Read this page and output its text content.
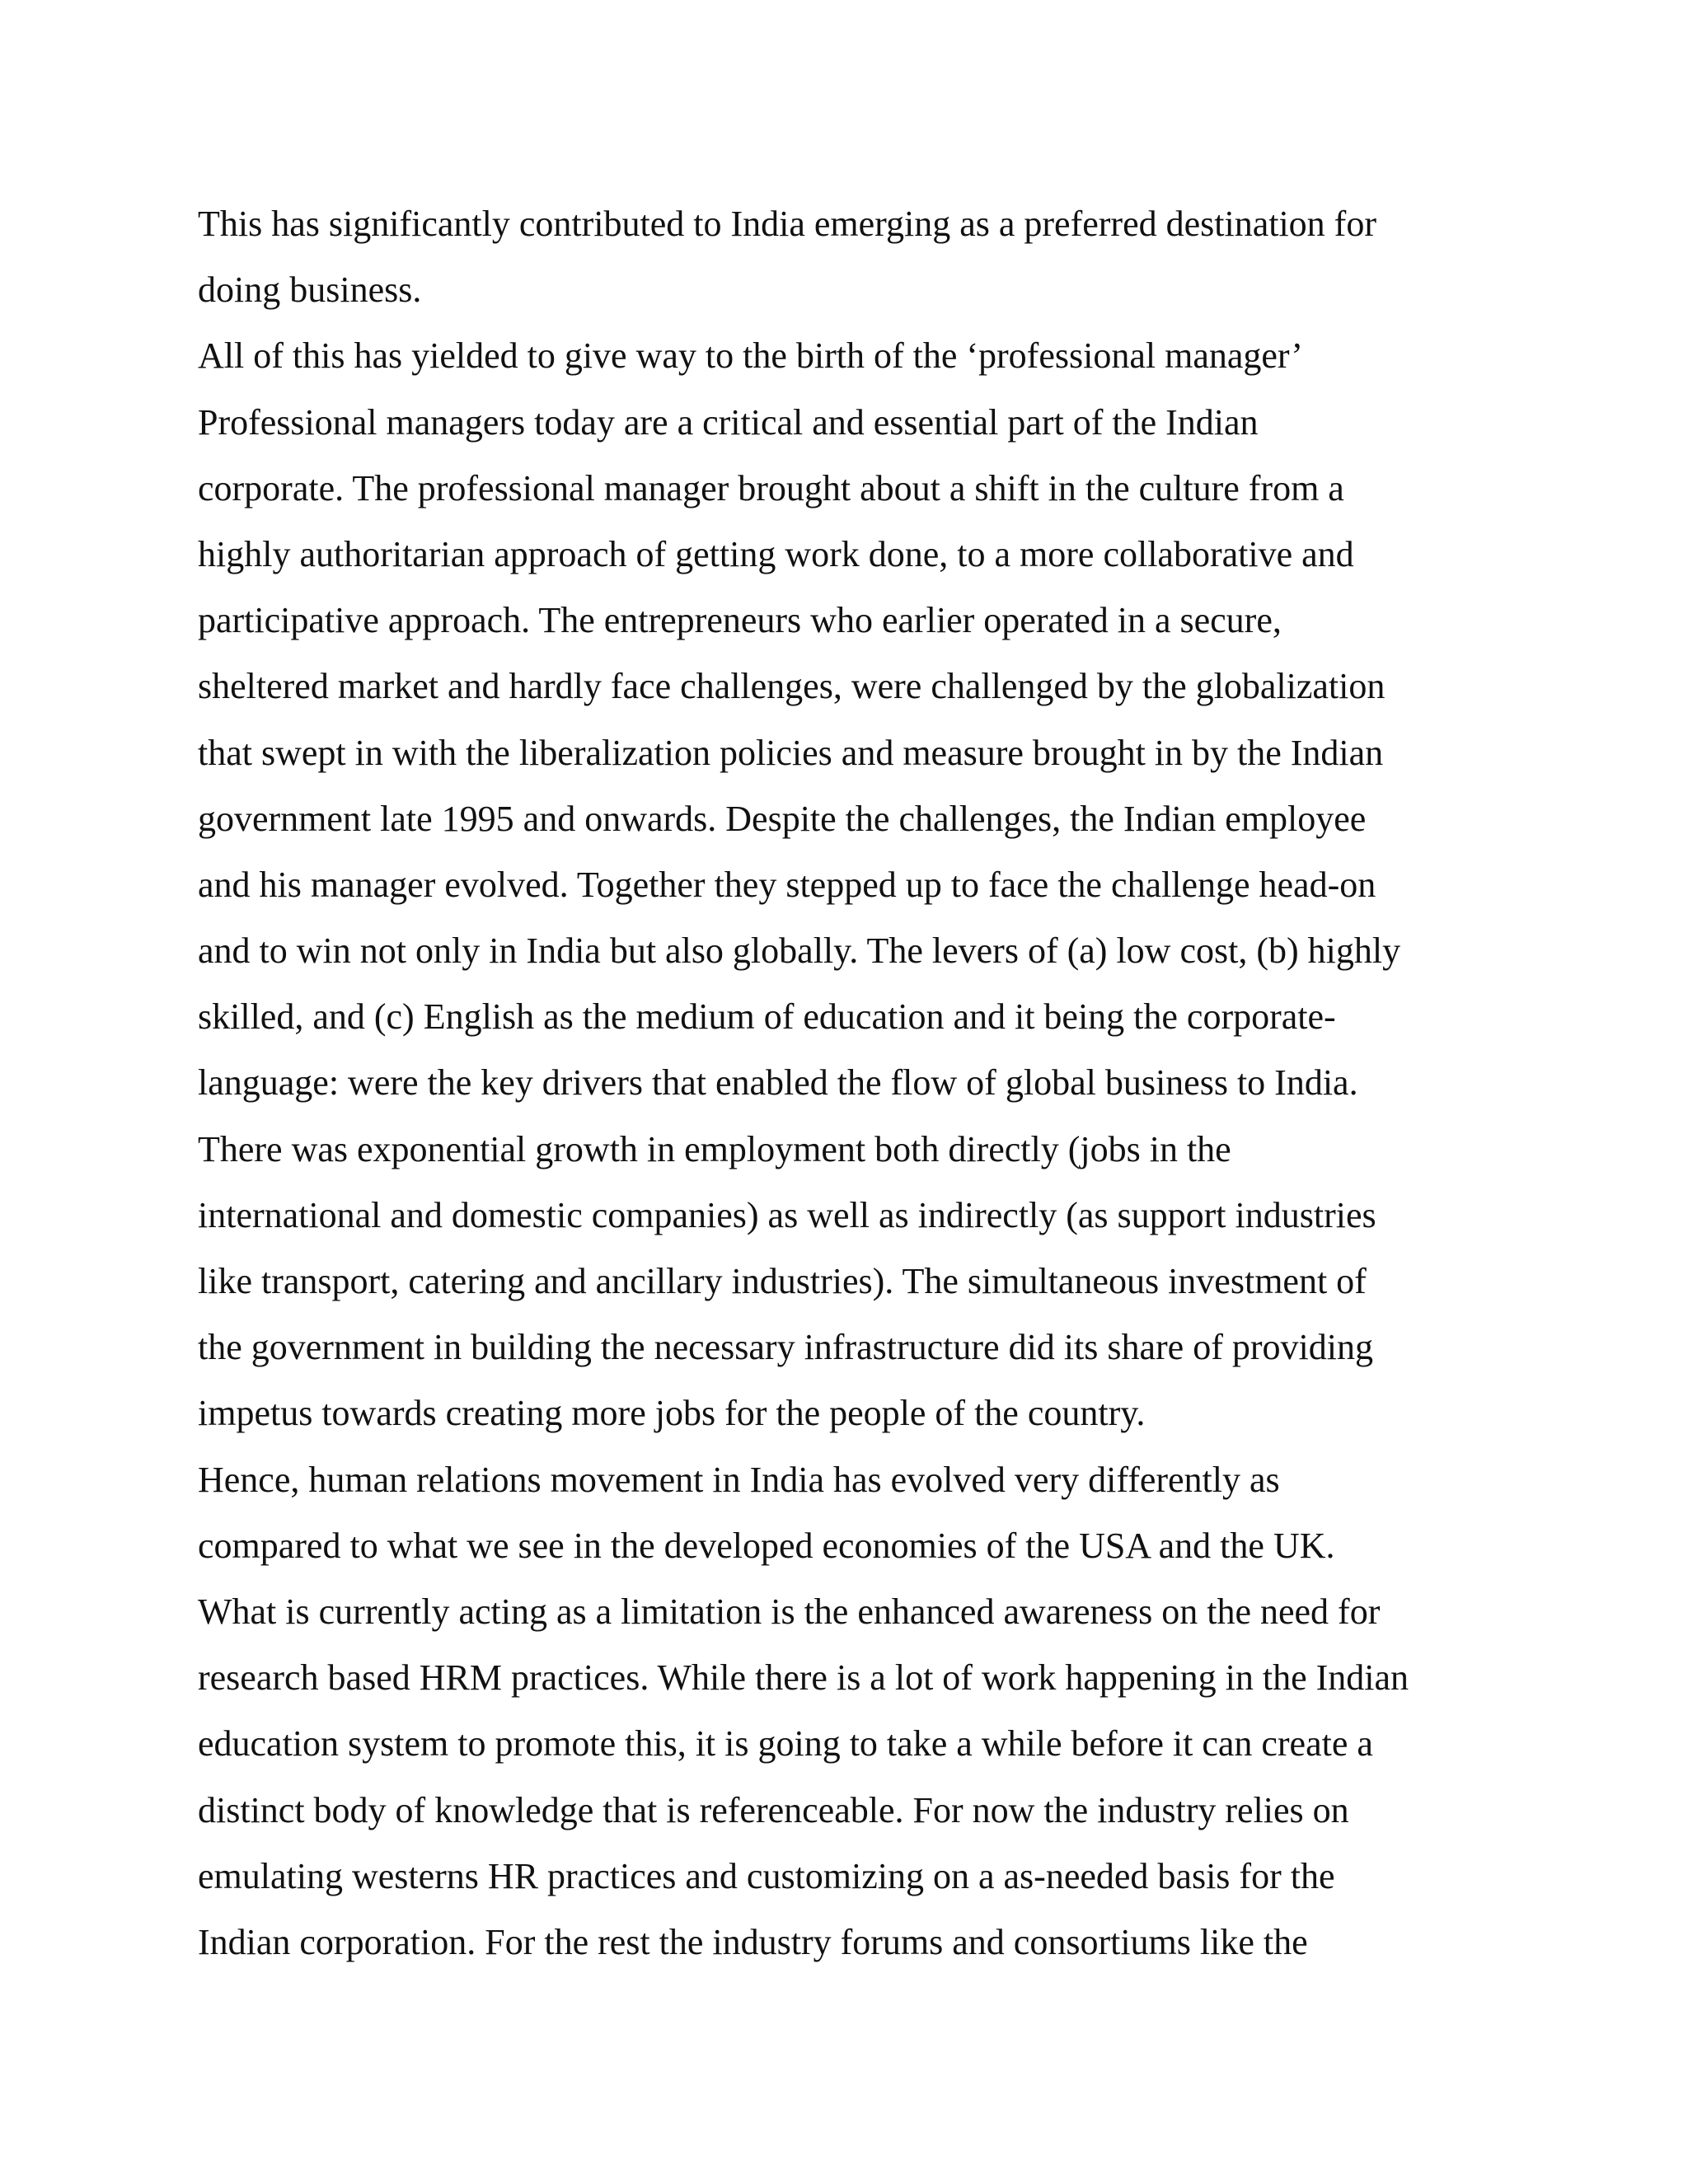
This has significantly contributed to India emerging as a preferred destination for
doing business.
All of this has yielded to give way to the birth of the ‘professional manager’
Professional managers today are a critical and essential part of the Indian
corporate. The professional manager brought about a shift in the culture from a
highly authoritarian approach of getting work done, to a more collaborative and
participative approach. The entrepreneurs who earlier operated in a secure,
sheltered market and hardly face challenges, were challenged by the globalization
that swept in with the liberalization policies and measure brought in by the Indian
government late 1995 and onwards. Despite the challenges, the Indian employee
and his manager evolved. Together they stepped up to face the challenge head-on
and to win not only in India but also globally. The levers of (a) low cost, (b) highly
skilled, and (c) English as the medium of education and it being the corporate-
language: were the key drivers that enabled the flow of global business to India.
There was exponential growth in employment both directly (jobs in the
international and domestic companies) as well as indirectly (as support industries
like transport, catering and ancillary industries). The simultaneous investment of
the government in building the necessary infrastructure did its share of providing
impetus towards creating more jobs for the people of the country.
Hence, human relations movement in India has evolved very differently as
compared to what we see in the developed economies of the USA and the UK.
What is currently acting as a limitation is the enhanced awareness on the need for
research based HRM practices. While there is a lot of work happening in the Indian
education system to promote this, it is going to take a while before it can create a
distinct body of knowledge that is referenceable. For now the industry relies on
emulating westerns HR practices and customizing on a as-needed basis for the
Indian corporation. For the rest the industry forums and consortiums like the
